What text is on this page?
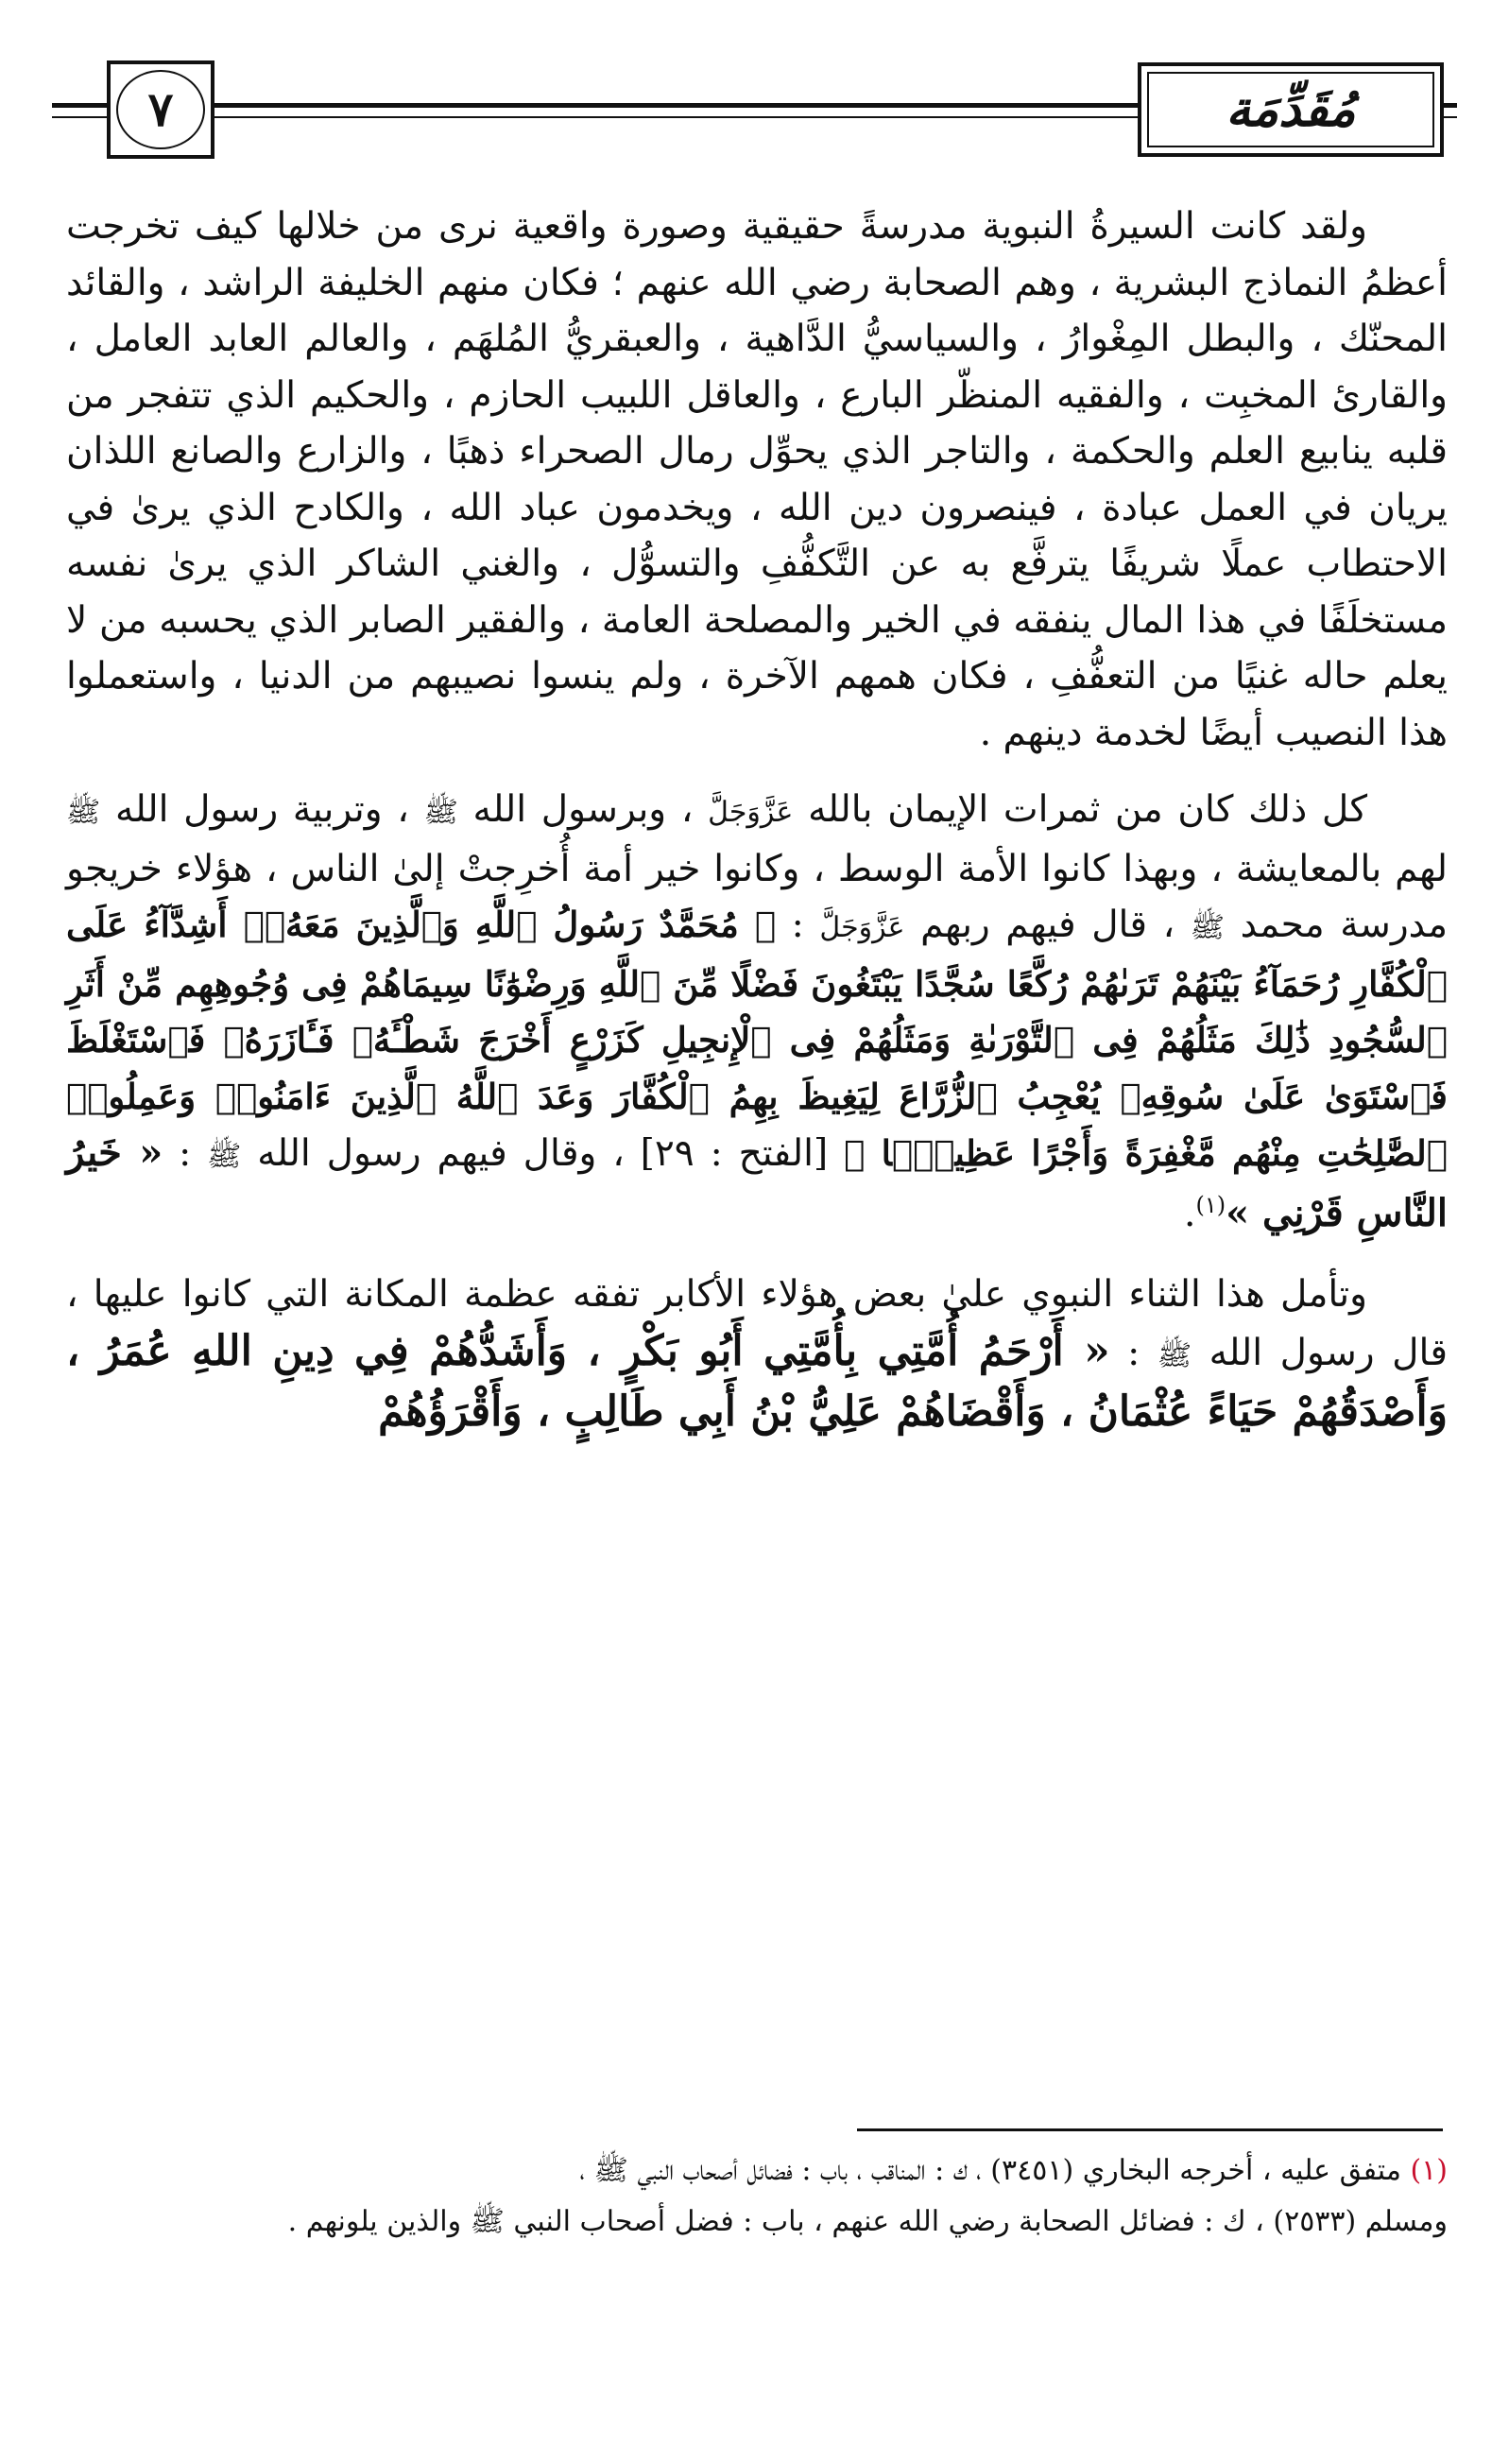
٧	مُقَدِّمَة

ولقد كانت السيرةُ النبوية مدرسةً حقيقية وصورة واقعية نرى من خلالها كيف تخرجت أعظمُ النماذج البشرية ، وهم الصحابة رضي الله عنهم ؛ فكان منهم الخليفة الراشد ، والقائد المحنّك ، والبطل المِغْوارُ ، والسياسيُّ الدَّاهية ، والعبقريُّ المُلهَم ، والعالم العابد العامل ، والقارئ المخبِت ، والفقيه المنظّر البارع ، والعاقل اللبيب الحازم ، والحكيم الذي تتفجر من قلبه ينابيع العلم والحكمة ، والتاجر الذي يحوِّل رمال الصحراء ذهبًا ، والزارع والصانع اللذان يريان في العمل عبادة ، فينصرون دين الله ، ويخدمون عباد الله ، والكادح الذي يرىٰ في الاحتطاب عملًا شريفًا يترفَّع به عن التَّكفُّفِ والتسوُّل ، والغني الشاكر الذي يرىٰ نفسه مستخلَفًا في هذا المال ينفقه في الخير والمصلحة العامة ، والفقير الصابر الذي يحسبه من لا يعلم حاله غنيًا من التعفُّفِ ، فكان همهم الآخرة ، ولم ينسوا نصيبهم من الدنيا ، واستعملوا هذا النصيب أيضًا لخدمة دينهم .

كل ذلك كان من ثمرات الإيمان بالله عَزَّوَجَلَّ ، وبرسول الله ﷺ ، وتربية رسول الله ﷺ لهم بالمعايشة ، وبهذا كانوا الأمة الوسط ، وكانوا خير أمة أُخرِجتْ إلىٰ الناس ، هؤلاء خريجو مدرسة محمد ﷺ ، قال فيهم ربهم عَزَّوَجَلَّ : ﴿ مُحَمَّدٌ رَسُولُ ٱللَّهِ وَٱلَّذِينَ مَعَهُۥٓ أَشِدَّآءُ عَلَى ٱلْكُفَّارِ رُحَمَآءُ بَيْنَهُمْ تَرَىٰهُمْ رُكَّعًا سُجَّدًا يَبْتَغُونَ فَضْلًا مِّنَ ٱللَّهِ وَرِضْوَٰنًا سِيمَاهُمْ فِى وُجُوهِهِم مِّنْ أَثَرِ ٱلسُّجُودِ ذَٰلِكَ مَثَلُهُمْ فِى ٱلتَّوْرَىٰةِ وَمَثَلُهُمْ فِى ٱلْإِنجِيلِ كَزَرْعٍ أَخْرَجَ شَطْـَٔهُۥ فَـَٔازَرَهُۥ فَٱسْتَغْلَظَ فَٱسْتَوَىٰ عَلَىٰ سُوقِهِۦ يُعْجِبُ ٱلزُّرَّاعَ لِيَغِيظَ بِهِمُ ٱلْكُفَّارَ وَعَدَ ٱللَّهُ ٱلَّذِينَ ءَامَنُوا۟ وَعَمِلُوا۟ ٱلصَّٰلِحَٰتِ مِنْهُم مَّغْفِرَةً وَأَجْرًا عَظِيمًۢا ﴾ [الفتح : ٢٩] ، وقال فيهم رسول الله ﷺ : « خَيرُ النَّاسِ قَرْنِي »$^{(١)}$.

وتأمل هذا الثناء النبوي علىٰ بعض هؤلاء الأكابر تفقه عظمة المكانة التي كانوا عليها ، قال رسول الله ﷺ : « أَرْحَمُ أُمَّتِي بِأُمَّتِي أَبُو بَكْرٍ ، وَأَشَدُّهُمْ فِي دِينِ اللهِ عُمَرُ ، وَأَصْدَقُهُمْ حَيَاءً عُثْمَانُ ، وَأَقْضَاهُمْ عَلِيُّ بْنُ أَبِي طَالِبٍ ، وَأَقْرَؤُهُمْ

(١) متفق عليه ، أخرجه البخاري (٣٤٥١) ، ك : المناقب ، باب : فضائل أصحاب النبي ﷺ ،

ومسلم (٢٥٣٣) ، ك : فضائل الصحابة رضي الله عنهم ، باب : فضل أصحاب النبي ﷺ والذين يلونهم .
